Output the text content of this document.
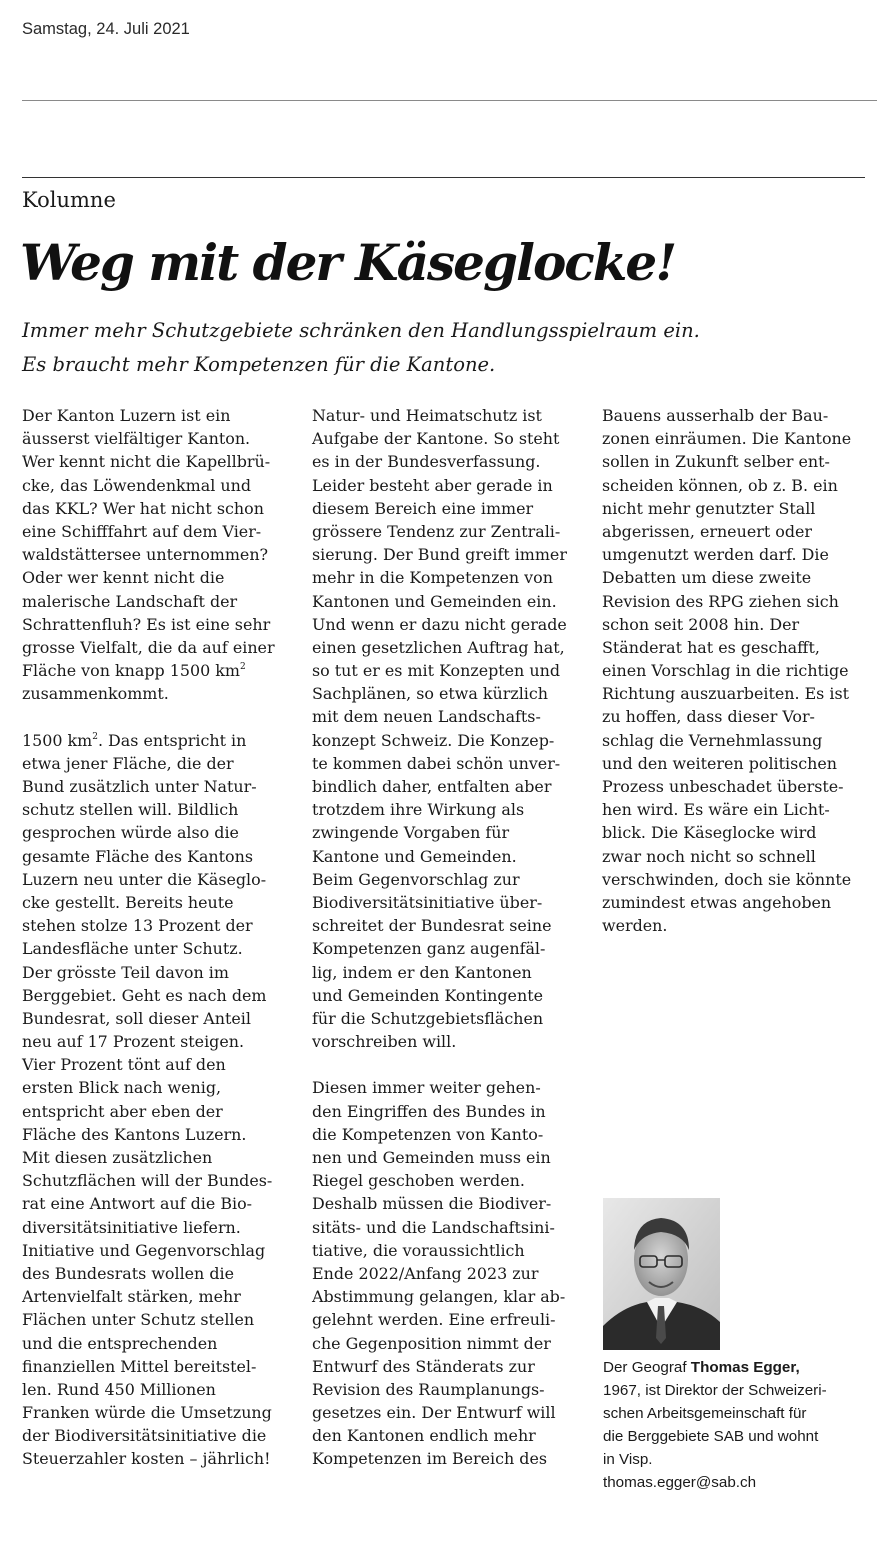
Samstag, 24. Juli 2021
Kolumne
Weg mit der Käseglocke!
Immer mehr Schutzgebiete schränken den Handlungsspielraum ein.
Es braucht mehr Kompetenzen für die Kantone.
Der Kanton Luzern ist ein
äusserst vielfältiger Kanton.
Wer kennt nicht die Kapellbrü-
cke, das Löwendenkmal und
das KKL? Wer hat nicht schon
eine Schifffahrt auf dem Vier-
waldstättersee unternommen?
Oder wer kennt nicht die
malerische Landschaft der
Schrattenfluh? Es ist eine sehr
grosse Vielfalt, die da auf einer
Fläche von knapp 1500 $km^2$
zusammenkommt.
1500 $km^2$. Das entspricht in
etwa jener Fläche, die der
Bund zusätzlich unter Natur-
schutz stellen will. Bildlich
gesprochen würde also die
gesamte Fläche des Kantons
Luzern neu unter die Käseglo-
cke gestellt. Bereits heute
stehen stolze 13 Prozent der
Landesfläche unter Schutz.
Der grösste Teil davon im
Berggebiet. Geht es nach dem
Bundesrat, soll dieser Anteil
neu auf 17 Prozent steigen.
Vier Prozent tönt auf den
ersten Blick nach wenig,
entspricht aber eben der
Fläche des Kantons Luzern.
Mit diesen zusätzlichen
Schutzflächen will der Bundes-
rat eine Antwort auf die Bio-
diversitätsinitiative liefern.
Initiative und Gegenvorschlag
des Bundesrats wollen die
Artenvielfalt stärken, mehr
Flächen unter Schutz stellen
und die entsprechenden
finanziellen Mittel bereitstel-
len. Rund 450 Millionen
Franken würde die Umsetzung
der Biodiversitätsinitiative die
Steuerzahler kosten – jährlich!
Natur- und Heimatschutz ist
Aufgabe der Kantone. So steht
es in der Bundesverfassung.
Leider besteht aber gerade in
diesem Bereich eine immer
grössere Tendenz zur Zentrali-
sierung. Der Bund greift immer
mehr in die Kompetenzen von
Kantonen und Gemeinden ein.
Und wenn er dazu nicht gerade
einen gesetzlichen Auftrag hat,
so tut er es mit Konzepten und
Sachplänen, so etwa kürzlich
mit dem neuen Landschafts-
konzept Schweiz. Die Konzep-
te kommen dabei schön unver-
bindlich daher, entfalten aber
trotzdem ihre Wirkung als
zwingende Vorgaben für
Kantone und Gemeinden.
Beim Gegenvorschlag zur
Biodiversitätsinitiative über-
schreitet der Bundesrat seine
Kompetenzen ganz augenfäl-
lig, indem er den Kantonen
und Gemeinden Kontingente
für die Schutzgebietsflächen
vorschreiben will.
Diesen immer weiter gehen-
den Eingriffen des Bundes in
die Kompetenzen von Kanto-
nen und Gemeinden muss ein
Riegel geschoben werden.
Deshalb müssen die Biodiver-
sitäts- und die Landschaftsini-
tiative, die voraussichtlich
Ende 2022/Anfang 2023 zur
Abstimmung gelangen, klar ab-
gelehnt werden. Eine erfreuli-
che Gegenposition nimmt der
Entwurf des Ständerats zur
Revision des Raumplanungs-
gesetzes ein. Der Entwurf will
den Kantonen endlich mehr
Kompetenzen im Bereich des
Bauens ausserhalb der Bau-
zonen einräumen. Die Kantone
sollen in Zukunft selber ent-
scheiden können, ob z. B. ein
nicht mehr genutzter Stall
abgerissen, erneuert oder
umgenutzt werden darf. Die
Debatten um diese zweite
Revision des RPG ziehen sich
schon seit 2008 hin. Der
Ständerat hat es geschafft,
einen Vorschlag in die richtige
Richtung auszuarbeiten. Es ist
zu hoffen, dass dieser Vor-
schlag die Vernehmlassung
und den weiteren politischen
Prozess unbeschadet überste-
hen wird. Es wäre ein Licht-
blick. Die Käseglocke wird
zwar noch nicht so schnell
verschwinden, doch sie könnte
zumindest etwas angehoben
werden.
Der Geograf Thomas Egger,
1967, ist Direktor der Schweizeri-
schen Arbeitsgemeinschaft für
die Berggebiete SAB und wohnt
in Visp.
thomas.egger@sab.ch
